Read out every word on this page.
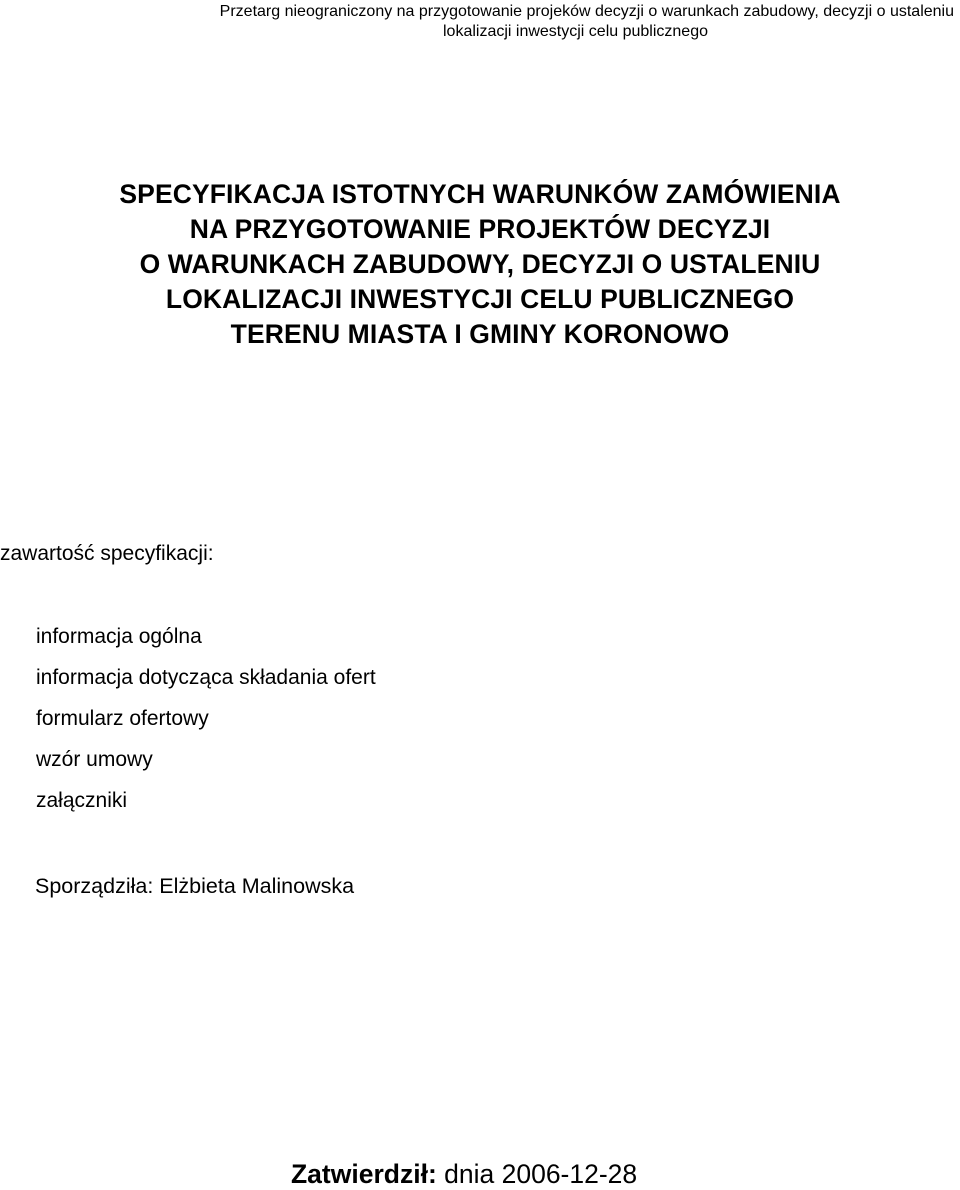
Przetarg nieograniczony na przygotowanie projeków decyzji o warunkach zabudowy, decyzji o ustaleniu
lokalizacji inwestycji celu publicznego
SPECYFIKACJA ISTOTNYCH WARUNKÓW ZAMÓWIENIA
NA PRZYGOTOWANIE PROJEKTÓW DECYZJI
O WARUNKACH ZABUDOWY, DECYZJI O USTALENIU
LOKALIZACJI INWESTYCJI CELU PUBLICZNEGO
TERENU MIASTA I GMINY KORONOWO
zawartość specyfikacji:
informacja ogólna
informacja dotycząca składania ofert
formularz ofertowy
wzór umowy
załączniki
Sporządziła: Elżbieta Malinowska
Zatwierdził: dnia 2006-12-28
